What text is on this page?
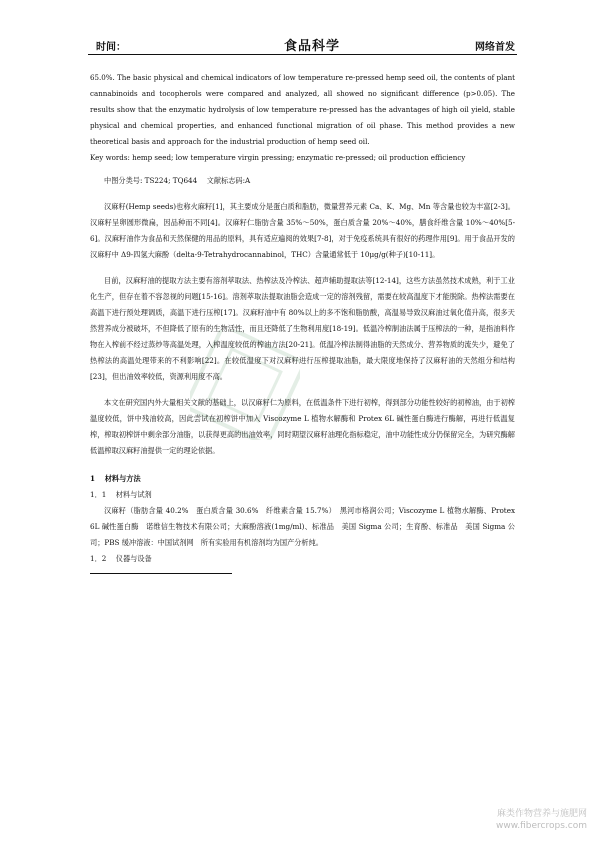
时间：	食品科学	网络首发

65.0%. The basic physical and chemical indicators of low temperature re-pressed hemp seed oil, the contents of plant cannabinoids and tocopherols were compared and analyzed, all showed no significant difference (p>0.05). The results show that the enzymatic hydrolysis of low temperature re-pressed has the advantages of high oil yield, stable physical and chemical properties, and enhanced functional migration of oil phase. This method provides a new theoretical basis and approach for the industrial production of hemp seed oil.

Key words: hemp seed; low temperature virgin pressing; enzymatic re-pressed; oil production efficiency

中图分类号: TS224; TQ644　 文献标志码:A

汉麻籽(Hemp seeds)也称火麻籽[1]，其主要成分是蛋白质和脂肪，微量营养元素 Ca、K、Mg、Mn 等含量也较为丰富[2-3]。汉麻籽呈卵圆形微扁，因品种而不同[4]。汉麻籽仁脂肪含量 35%～50%，蛋白质含量 20%～40%，膳食纤维含量 10%～40%[5-6]。汉麻籽油作为食品和天然保健的用品的原料，具有适应遍阅的效果[7-8]，对于免疫系统具有很好的药理作用[9]。用于食品开发的汉麻籽中 Δ9-四氢大麻酚（delta-9-Tetrahydrocannabinol，THC）含量通常低于 10μg/g(种子)[10-11]。

目前，汉麻籽油的提取方法主要有溶剂萃取法、热榨法及冷榨法、超声辅助提取法等[12-14]，这些方法虽然技术成熟，利于工业化生产，但存在着不容忽视的问题[15-16]。溶剂萃取法提取油脂会造成一定的溶剂残留，需要在较高温度下才能脱除。热榨法需要在高温下进行预处理调质，高温下进行压榨[17]。汉麻籽油中有 80%以上的多不饱和脂肪酸，高温易导致汉麻油过氧化值升高，很多天然营养成分被破坏，不但降低了原有的生物活性，而且还降低了生物利用度[18-19]。低温冷榨制油法属于压榨法的一种，是指油料作物在入榨前不经过蒸炒等高温处理，入榨温度较低的榨油方法[20-21]。低温冷榨法制得油脂的天然成分、营养物质的流失少，避免了热榨法的高温处理带来的不利影响[22]。在较低温度下对汉麻籽进行压榨提取油脂，最大限度地保持了汉麻籽油的天然组分和结构[23]，但出油效率较低，资源利用度不高。

本文在研究国内外大量相关文献的基础上，以汉麻籽仁为原料，在低温条件下进行初榨，得到部分功能性较好的初榨油，由于初榨温度较低，饼中残油较高，因此尝试在初榨饼中加入 Viscozyme L 植物水解酶和 Protex 6L 碱性蛋白酶进行酶解，再进行低温复榨，榨取初榨饼中剩余部分油脂，以获得更高的出油效率，同时期望汉麻籽油理化指标稳定，油中功能性成分仍保留完全，为研究酶解低温榨取汉麻籽油提供一定的理论依据。

1　 材料与方法

1．1　 材料与试剂

汉麻籽（脂肪含量 40.2%　蛋白质含量 30.6%　纤维素含量 15.7%）　黑河市格润公司；Viscozyme L 植物水解酶、Protex 6L 碱性蛋白酶　诺维信生物技术有限公司；大麻酚溶液(1mg/ml)、标准品　美国 Sigma 公司；生育酚、标准品　美国 Sigma 公司；PBS 缓冲溶液：中国试剂网　所有实验用有机溶剂均为国产分析纯。

1．2　 仪器与设备

麻类作物营养与施肥网
www.fibercrops.com
